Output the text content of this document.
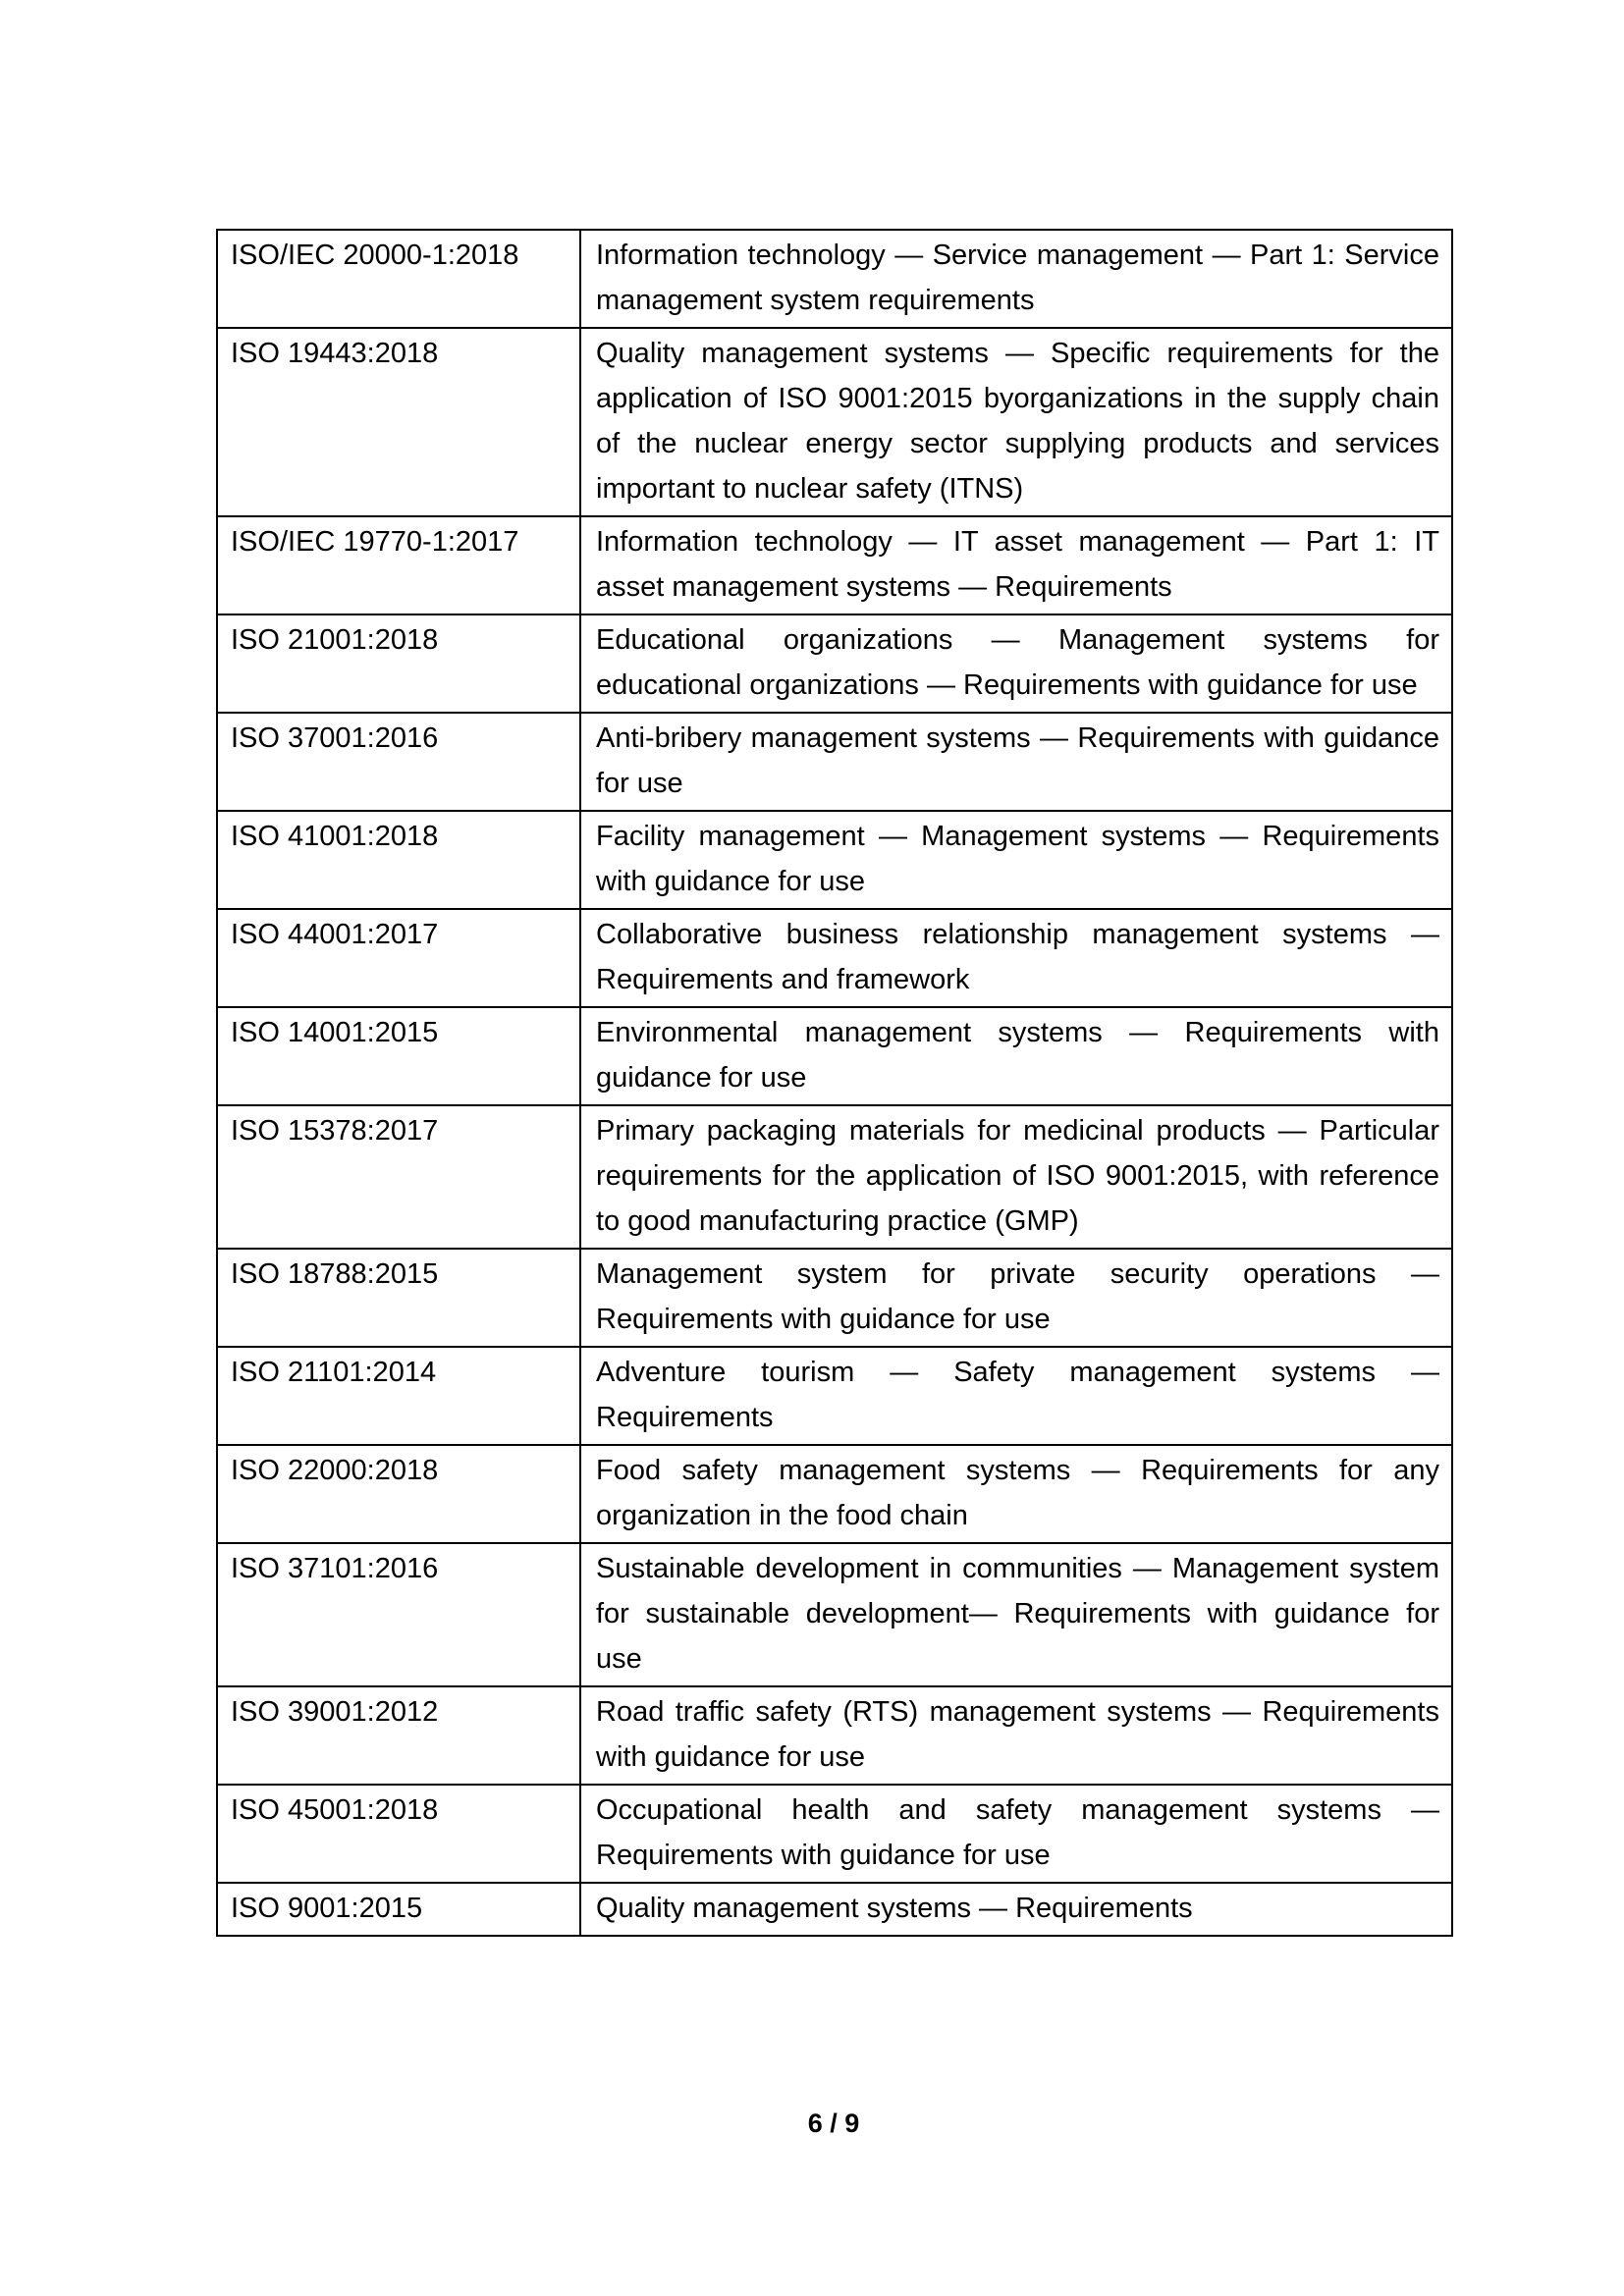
ISO/IEC 20000-1:2018	Information technology — Service management — Part 1: Service management system requirements
ISO 19443:2018	Quality management systems — Specific requirements for the application of ISO 9001:2015 byorganizations in the supply chain of the nuclear energy sector supplying products and services important to nuclear safety (ITNS)
ISO/IEC 19770-1:2017	Information technology — IT asset management — Part 1: IT asset management systems — Requirements
ISO 21001:2018	Educational organizations — Management systems for educational organizations — Requirements with guidance for use
ISO 37001:2016	Anti-bribery management systems — Requirements with guidance for use
ISO 41001:2018	Facility management — Management systems — Requirements with guidance for use
ISO 44001:2017	Collaborative business relationship management systems — Requirements and framework
ISO 14001:2015	Environmental management systems — Requirements with guidance for use
ISO 15378:2017	Primary packaging materials for medicinal products — Particular requirements for the application of ISO 9001:2015, with reference to good manufacturing practice (GMP)
ISO 18788:2015	Management system for private security operations — Requirements with guidance for use
ISO 21101:2014	Adventure tourism — Safety management systems — Requirements
ISO 22000:2018	Food safety management systems — Requirements for any organization in the food chain
ISO 37101:2016	Sustainable development in communities — Management system for sustainable development— Requirements with guidance for use
ISO 39001:2012	Road traffic safety (RTS) management systems — Requirements with guidance for use
ISO 45001:2018	Occupational health and safety management systems — Requirements with guidance for use
ISO 9001:2015	Quality management systems — Requirements
6 / 9
